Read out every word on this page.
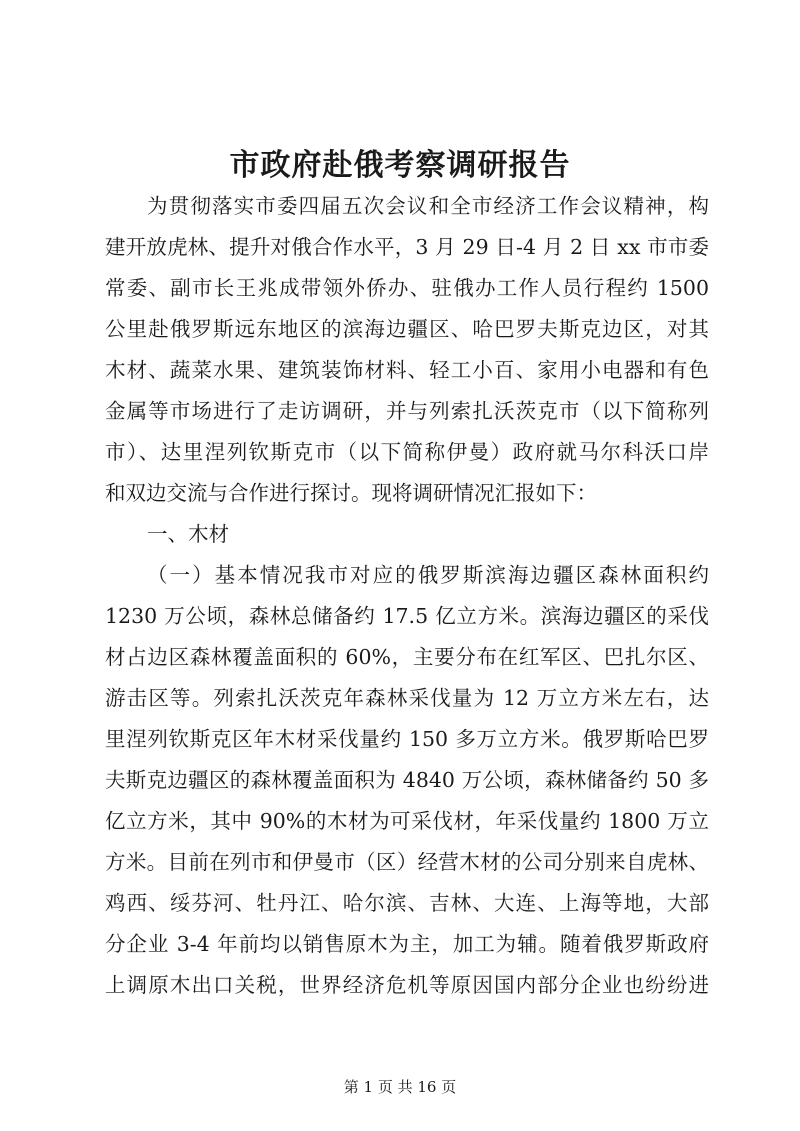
市政府赴俄考察调研报告
为贯彻落实市委四届五次会议和全市经济工作会议精神，构
建开放虎林、提升对俄合作水平，3 月 29 日-4 月 2 日 xx 市市委
常委、副市长王兆成带领外侨办、驻俄办工作人员行程约 1500
公里赴俄罗斯远东地区的滨海边疆区、哈巴罗夫斯克边区，对其
木材、蔬菜水果、建筑装饰材料、轻工小百、家用小电器和有色
金属等市场进行了走访调研，并与列索扎沃茨克市（以下简称列
市）、达里涅列钦斯克市（以下简称伊曼）政府就马尔科沃口岸
和双边交流与合作进行探讨。现将调研情况汇报如下：
一、木材
（一）基本情况我市对应的俄罗斯滨海边疆区森林面积约
1230 万公顷，森林总储备约 17.5 亿立方米。滨海边疆区的采伐
材占边区森林覆盖面积的 60%，主要分布在红军区、巴扎尔区、
游击区等。列索扎沃茨克年森林采伐量为 12 万立方米左右，达
里涅列钦斯克区年木材采伐量约 150 多万立方米。俄罗斯哈巴罗
夫斯克边疆区的森林覆盖面积为 4840 万公顷，森林储备约 50 多
亿立方米，其中 90%的木材为可采伐材，年采伐量约 1800 万立
方米。目前在列市和伊曼市（区）经营木材的公司分别来自虎林、
鸡西、绥芬河、牡丹江、哈尔滨、吉林、大连、上海等地，大部
分企业 3-4 年前均以销售原木为主，加工为辅。随着俄罗斯政府
上调原木出口关税，世界经济危机等原因国内部分企业也纷纷进
第 1 页 共 16 页
